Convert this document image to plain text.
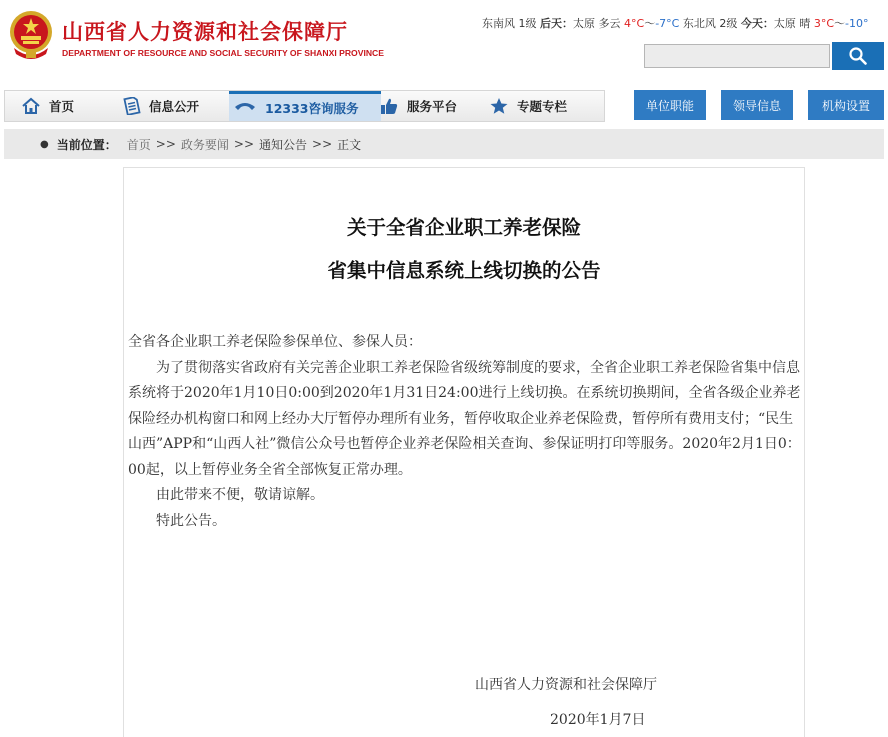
山西省人力资源和社会保障厅
DEPARTMENT OF RESOURCE AND SOCIAL SECURITY OF SHANXI PROVINCE
东南风 1级 后天：太原 多云 4°C～-7°C 东北风 2级 今天：太原 晴 3°C～-10°
首页	信息公开	12333咨询服务	服务平台	专题专栏	单位职能	领导信息	机构设置
● 当前位置： 首页 >> 政务要闻 >> 通知公告 >> 正文
关于全省企业职工养老保险
省集中信息系统上线切换的公告

全省各企业职工养老保险参保单位、参保人员：

为了贯彻落实省政府有关完善企业职工养老保险省级统筹制度的要求，全省企业职工养老保险省集中信息系统将于2020年1月10日0:00到2020年1月31日24:00进行上线切换。在系统切换期间，全省各级企业养老保险经办机构窗口和网上经办大厅暂停办理所有业务，暂停收取企业养老保险费，暂停所有费用支付；“民生山西”APP和“山西人社”微信公众号也暂停企业养老保险相关查询、参保证明打印等服务。2020年2月1日0：00起，以上暂停业务全省全部恢复正常办理。

由此带来不便，敬请谅解。

特此公告。

山西省人力资源和社会保障厅
2020年1月7日
